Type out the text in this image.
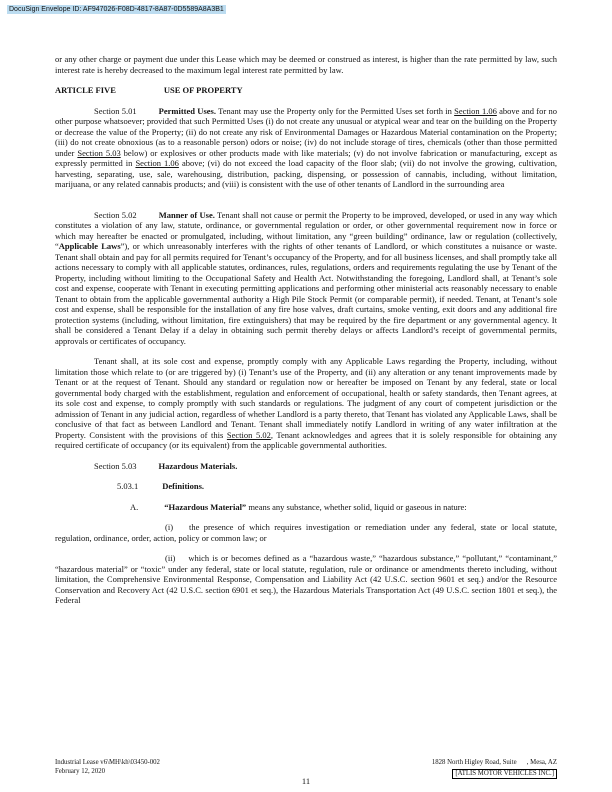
DocuSign Envelope ID: AF947026-F08D-4817-8A87-0D5589A8A3B1

or any other charge or payment due under this Lease which may be deemed or construed as interest, is higher than the rate permitted by law, such interest rate is hereby decreased to the maximum legal interest rate permitted by law.

ARTICLE FIVE	USE OF PROPERTY

Section 5.01	Permitted Uses. Tenant may use the Property only for the Permitted Uses set forth in Section 1.06 above and for no other purpose whatsoever; provided that such Permitted Uses (i) do not create any unusual or atypical wear and tear on the building on the Property or decrease the value of the Property; (ii) do not create any risk of Environmental Damages or Hazardous Material contamination on the Property; (iii) do not create obnoxious (as to a reasonable person) odors or noise; (iv) do not include storage of tires, chemicals (other than those permitted under Section 5.03 below) or explosives or other products made with like materials; (v) do not involve fabrication or manufacturing, except as expressly permitted in Section 1.06 above; (vi) do not exceed the load capacity of the floor slab; (vii) do not involve the growing, cultivation, harvesting, separating, use, sale, warehousing, distribution, packing, dispensing, or possession of cannabis, including, without limitation, marijuana, or any related cannabis products; and (viii) is consistent with the use of other tenants of Landlord in the surrounding area

Section 5.02	Manner of Use. Tenant shall not cause or permit the Property to be improved, developed, or used in any way which constitutes a violation of any law, statute, ordinance, or governmental regulation or order, or other governmental requirement now in force or which may hereafter be enacted or promulgated, including, without limitation, any “green building” ordinance, law or regulation (collectively, “Applicable Laws”), or which unreasonably interferes with the rights of other tenants of Landlord, or which constitutes a nuisance or waste. Tenant shall obtain and pay for all permits required for Tenant’s occupancy of the Property, and for all business licenses, and shall promptly take all actions necessary to comply with all applicable statutes, ordinances, rules, regulations, orders and requirements regulating the use by Tenant of the Property, including without limiting to the Occupational Safety and Health Act. Notwithstanding the foregoing, Landlord shall, at Tenant’s sole cost and expense, cooperate with Tenant in executing permitting applications and performing other ministerial acts reasonably necessary to enable Tenant to obtain from the applicable governmental authority a High Pile Stock Permit (or comparable permit), if needed. Tenant, at Tenant’s sole cost and expense, shall be responsible for the installation of any fire hose valves, draft curtains, smoke venting, exit doors and any additional fire protection systems (including, without limitation, fire extinguishers) that may be required by the fire department or any governmental agency. It shall be considered a Tenant Delay if a delay in obtaining such permit thereby delays or affects Landlord’s receipt of governmental permits, approvals or certificates of occupancy.

Tenant shall, at its sole cost and expense, promptly comply with any Applicable Laws regarding the Property, including, without limitation those which relate to (or are triggered by) (i) Tenant’s use of the Property, and (ii) any alteration or any tenant improvements made by Tenant or at the request of Tenant. Should any standard or regulation now or hereafter be imposed on Tenant by any federal, state or local governmental body charged with the establishment, regulation and enforcement of occupational, health or safety standards, then Tenant agrees, at its sole cost and expense, to comply promptly with such standards or regulations. The judgment of any court of competent jurisdiction or the admission of Tenant in any judicial action, regardless of whether Landlord is a party thereto, that Tenant has violated any Applicable Laws, shall be conclusive of that fact as between Landlord and Tenant. Tenant shall immediately notify Landlord in writing of any water infiltration at the Property. Consistent with the provisions of this Section 5.02, Tenant acknowledges and agrees that it is solely responsible for obtaining any required certificate of occupancy (or its equivalent) from the applicable governmental authorities.

Section 5.03	Hazardous Materials.

5.03.1	Definitions.

A.	“Hazardous Material” means any substance, whether solid, liquid or gaseous in nature:

(i) the presence of which requires investigation or remediation under any federal, state or local statute, regulation, ordinance, order, action, policy or common law; or

(ii) which is or becomes defined as a “hazardous waste,” “hazardous substance,” “pollutant,” “contaminant,” “hazardous material” or “toxic” under any federal, state or local statute, regulation, rule or ordinance or amendments thereto including, without limitation, the Comprehensive Environmental Response, Compensation and Liability Act (42 U.S.C. section 9601 et seq.) and/or the Resource Conservation and Recovery Act (42 U.S.C. section 6901 et seq.), the Hazardous Materials Transportation Act (49 U.S.C. section 1801 et seq.), the Federal

Industrial Lease v6\MH\kh\03450-002
February 12, 2020
1828 North Higley Road, Suite      , Mesa, AZ
[ATLIS MOTOR VEHICLES INC.]
11
